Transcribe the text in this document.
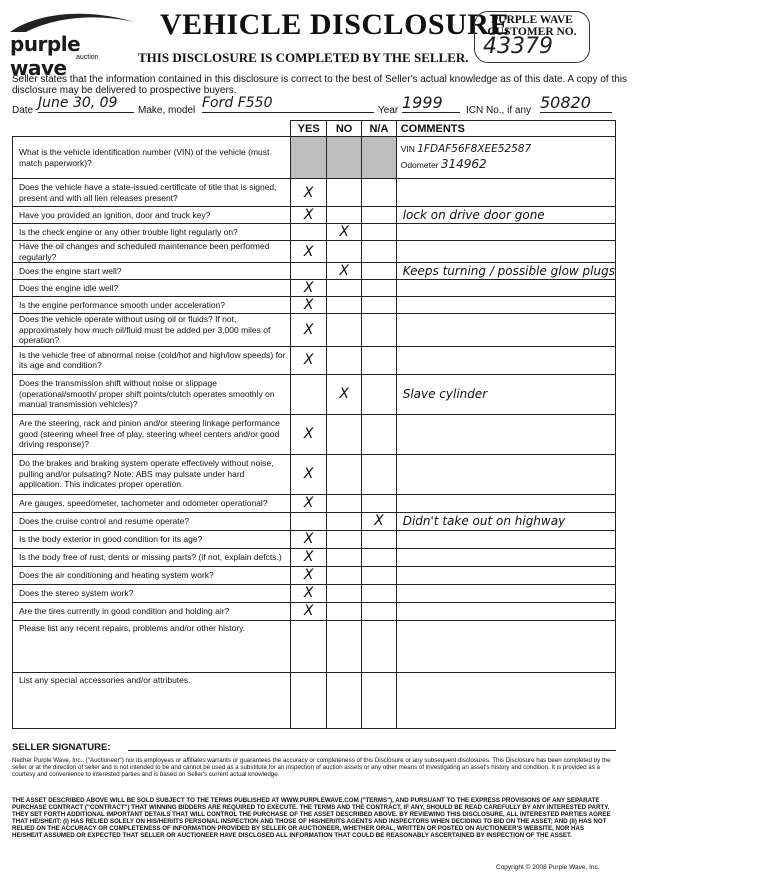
purple wave	auction
VEHICLE DISCLOSURE
THIS DISCLOSURE IS COMPLETED BY THE SELLER.
PURPLE WAVE CUSTOMER NO.
43379
Seller states that the information contained in this disclosure is correct to the best of Seller's actual knowledge as of this date. A copy of this disclosure may be delivered to prospective buyers.
Date June 30, 09	Make, model Ford F550	Year 1999	ICN No., if any 50820
	YES	NO	N/A	COMMENTS
What is the vehicle identification number (VIN) of the vehicle (must match paperwork)?				VIN 1FDAF56F8XEE52587
Odometer 314962

Does the vehicle have a state-issued certificate of title that is signed, present and with all lien releases present?	X			
Have you provided an ignition, door and truck key?	X			lock on drive door gone
Is the check engine or any other trouble light regularly on?		X		
Have the oil changes and scheduled maintenance been performed regularly?	X			
Does the engine start well?		X		Keeps turning / possible glow plugs
Does the engine idle well?	X			
Is the engine performance smooth under acceleration?	X			
Does the vehicle operate without using oil or fluids? If not, approximately how much oil/fluid must be added per 3,000 miles of operation?	X			
Is the vehicle free of abnormal noise (cold/hot and high/low speeds) for its age and condition?	X			
Does the transmission shift without noise or slippage (operational/smooth/ proper shift points/clutch operates smoothly on manual transmission vehicles)?		X		Slave cylinder
Are the steering, rack and pinion and/or steering linkage performance good (steering wheel free of play, steering wheel centers and/or good driving response)?	X			
Do the brakes and braking system operate effectively without noise, pulling and/or pulsating? Note: ABS may pulsate under hard application. This indicates proper operation.	X			
Are gauges, speedometer, tachometer and odometer operational?	X			
Does the cruise control and resume operate?			X	Didn't take out on highway
Is the body exterior in good condition for its age?	X			
Is the body free of rust, dents or missing parts? (if not, explain defcts.)	X			
Does the air conditioning and heating system work?	X			
Does the stereo system work?	X			
Are the tires currently in good condition and holding air?	X			
Please list any recent repairs, problems and/or other history.				
List any special accessories and/or attributes.				
SELLER SIGNATURE:
Neither Purple Wave, Inc., ("Auctioneer") nor its employees or affiliates warrants or guarantees the accuracy or completeness of this Disclosure or any subsequent disclosures. This Disclosure has been completed by the seller or at the direction of seller and is not intended to be and cannot be used as a substitute for an inspection of auction assets or any other means of investigating an asset's history and condition. It is provided as a courtesy and convenience to interested parties and is based on Seller's current actual knowledge.
THE ASSET DESCRIBED ABOVE WILL BE SOLD SUBJECT TO THE TERMS PUBLISHED AT WWW.PURPLEWAVE.COM ("TERMS"), AND PURSUANT TO THE EXPRESS PROVISIONS OF ANY SEPARATE PURCHASE CONTRACT ("CONTRACT") THAT WINNING BIDDERS ARE REQUIRED TO EXECUTE. THE TERMS AND THE CONTRACT, IF ANY, SHOULD BE READ CAREFULLY BY ANY INTERESTED PARTY. THEY SET FORTH ADDITIONAL IMPORTANT DETAILS THAT WILL CONTROL THE PURCHASE OF THE ASSET DESCRIBED ABOVE. BY REVIEWING THIS DISCLOSURE, ALL INTERESTED PARTIES AGREE THAT HE/SHE/IT: (I) HAS RELIED SOLELY ON HIS/HER/ITS PERSONAL INSPECTION AND THOSE OF HIS/HER/ITS AGENTS AND INSPECTORS WHEN DECIDING TO BID ON THE ASSET; AND (II) HAS NOT RELIED ON THE ACCURACY OR COMPLETENESS OF INFORMATION PROVIDED BY SELLER OR AUCTIONEER, WHETHER ORAL, WRITTEN OR POSTED ON AUCTIONEER'S WEBSITE, NOR HAS HE/SHE/IT ASSUMED OR EXPECTED THAT SELLER OR AUCTIONEER HAVE DISCLOSED ALL INFORMATION THAT COULD BE REASONABLY ASCERTAINED BY INSPECTION OF THE ASSET.
Copyright © 2008 Purple Wave, Inc.
